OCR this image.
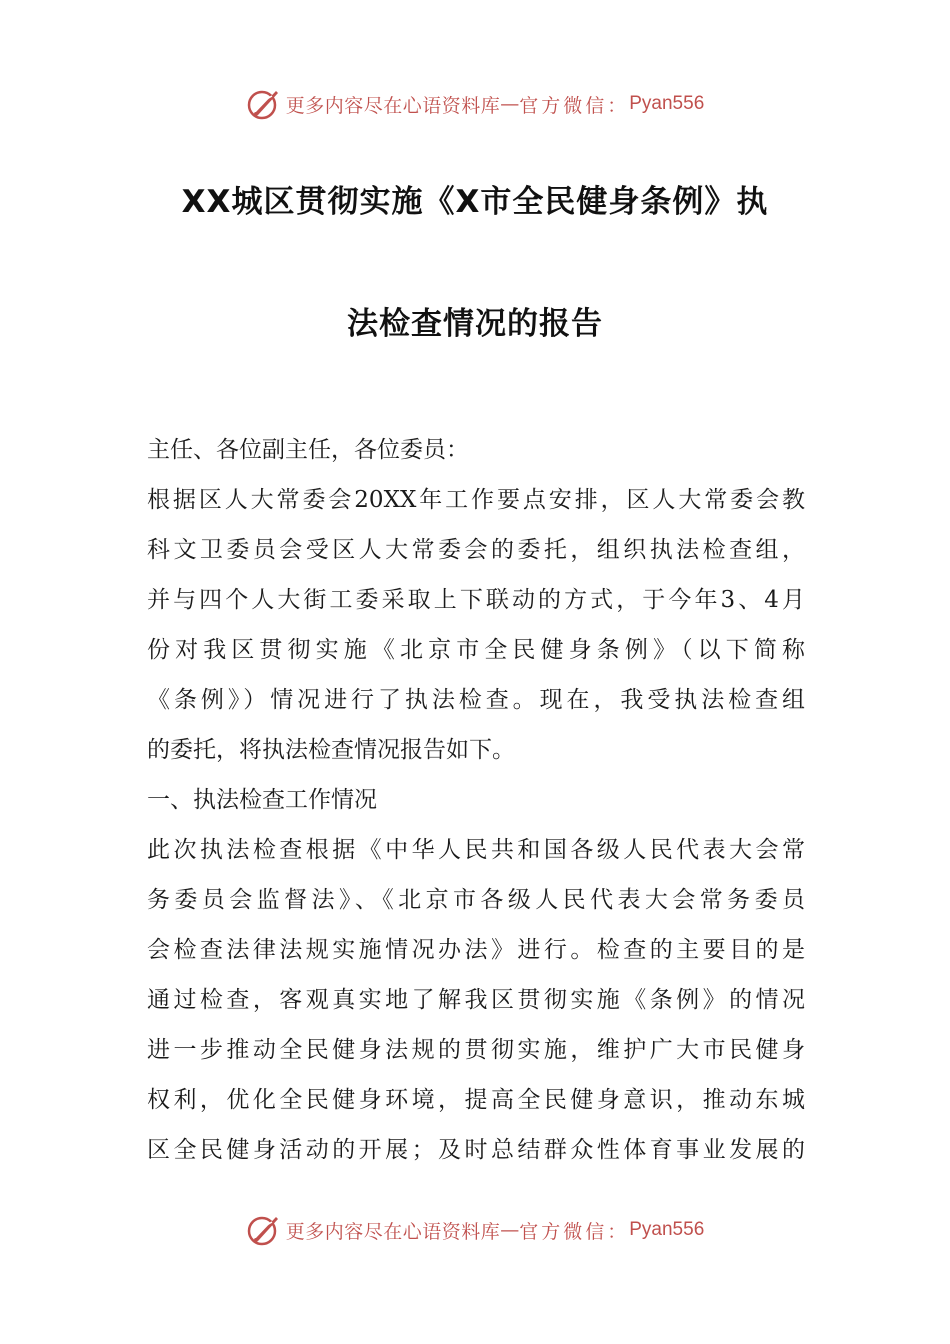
更多内容尽在心语资料库 — 官方微信： Pyan556
XX城区贯彻实施《X市全民健身条例》执
法检查情况的报告
主任、各位副主任，各位委员：
根据区人大常委会20XX年工作要点安排，区人大常委会教
科文卫委员会受区人大常委会的委托，组织执法检查组，
并与四个人大街工委采取上下联动的方式，于今年3、4月
份对我区贯彻实施《北京市全民健身条例》（以下简称
《条例》）情况进行了执法检查。现在，我受执法检查组
的委托，将执法检查情况报告如下。
一、执法检查工作情况
此次执法检查根据《中华人民共和国各级人民代表大会常
务委员会监督法》、《北京市各级人民代表大会常务委员
会检查法律法规实施情况办法》进行。检查的主要目的是
通过检查，客观真实地了解我区贯彻实施《条例》的情况
进一步推动全民健身法规的贯彻实施，维护广大市民健身
权利，优化全民健身环境，提高全民健身意识，推动东城
区全民健身活动的开展；及时总结群众性体育事业发展的
更多内容尽在心语资料库 — 官方微信： Pyan556
